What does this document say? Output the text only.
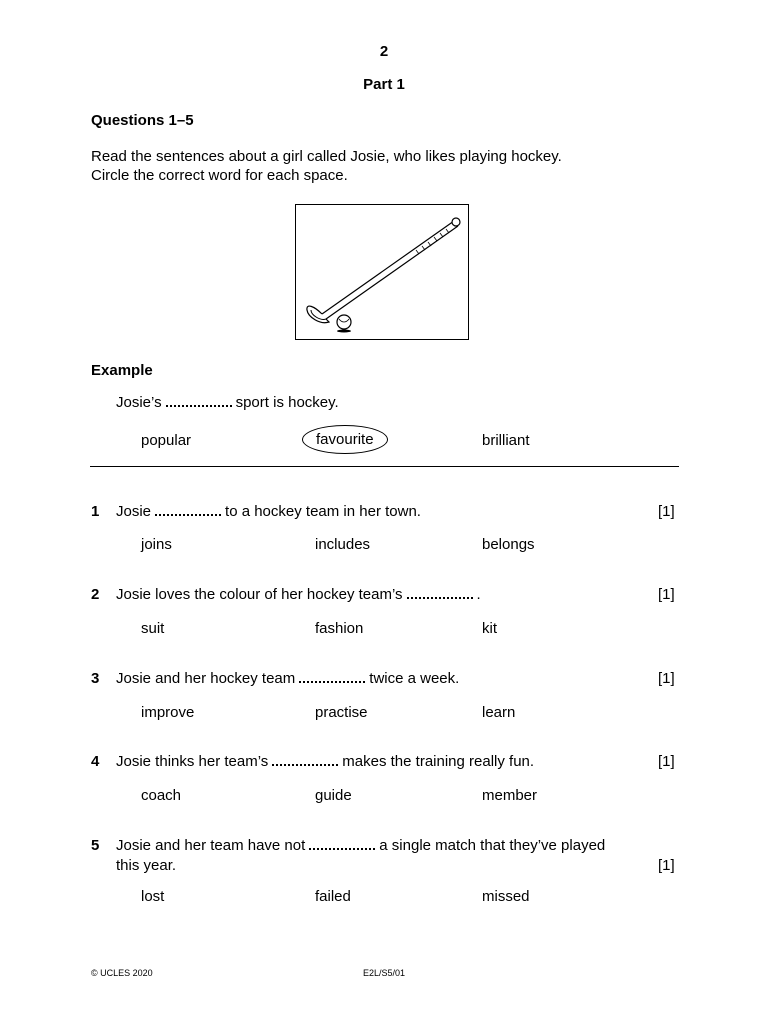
2
Part 1
Questions 1–5
Read the sentences about a girl called Josie, who likes playing hockey.
Circle the correct word for each space.
Example
Josie’s	sport is hockey.
popular	favourite	brilliant
1 Josie	to a hockey team in her town.	[1]
joins	includes	belongs
2 Josie loves the colour of her hockey team’s	.	[1]
suit	fashion	kit
3 Josie and her hockey team	twice a week.	[1]
improve	practise	learn
4 Josie thinks her team’s	makes the training really fun.	[1]
coach	guide	member
5 Josie and her team have not	a single match that they’ve played
this year.	[1]
lost	failed	missed
© UCLES 2020	E2L/S5/01
